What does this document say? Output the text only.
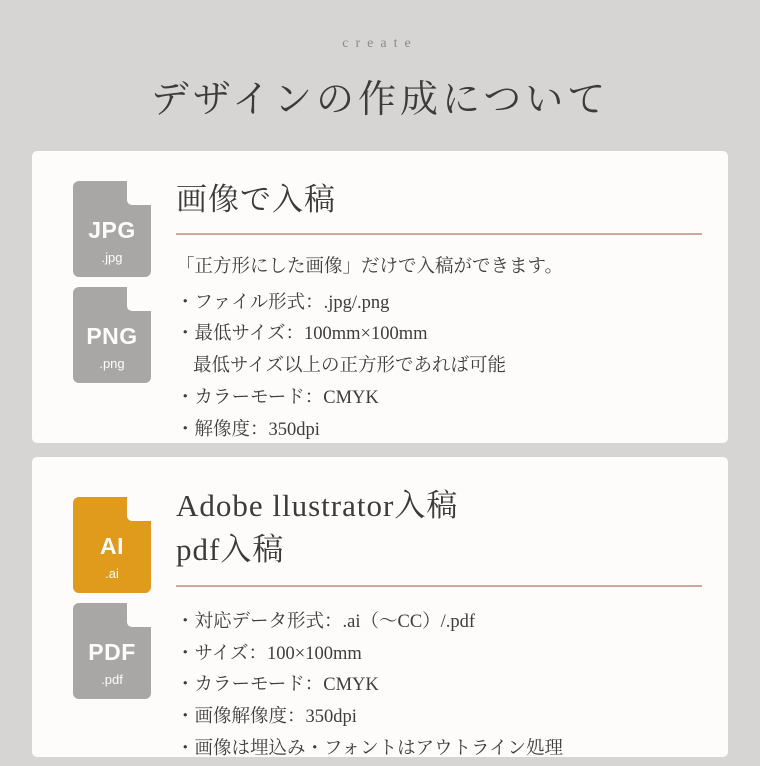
create
デザインの作成について
JPG
.jpg
PNG
.png
画像で入稿
「正方形にした画像」だけで入稿ができます。
・ファイル形式：.jpg/.png
・最低サイズ：100mm×100mm
最低サイズ以上の正方形であれば可能
・カラーモード：CMYK
・解像度：350dpi
AI
.ai
PDF
.pdf
Adobe llustrator入稿
pdf入稿
・対応データ形式：.ai（〜CC）/.pdf
・サイズ：100×100mm
・カラーモード：CMYK
・画像解像度：350dpi
・画像は埋込み・フォントはアウトライン処理
